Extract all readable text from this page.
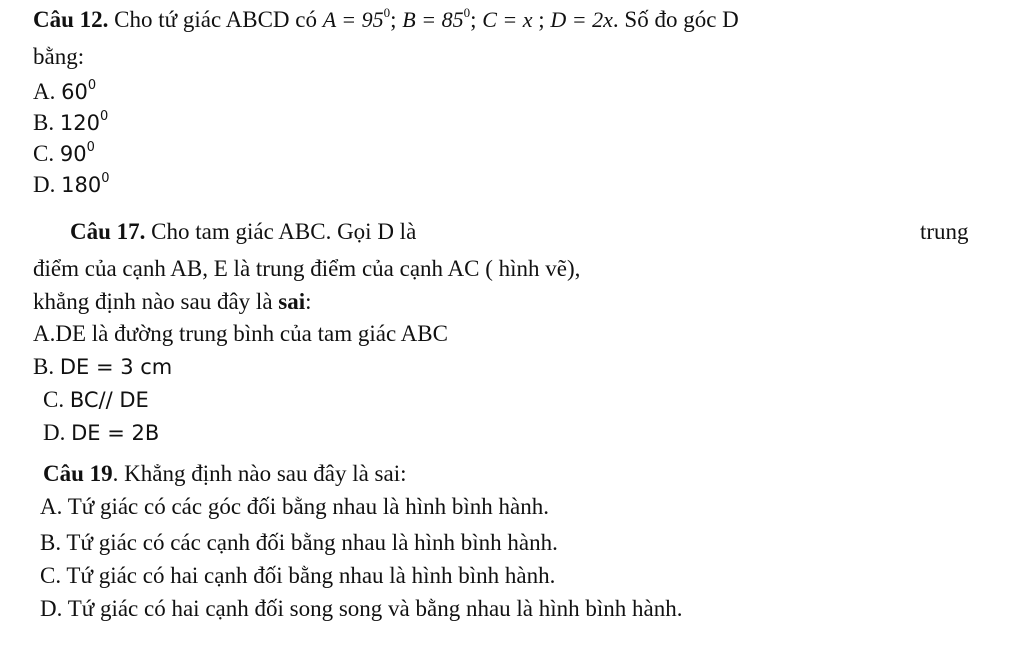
Câu 12. Cho tứ giác ABCD có $A = 95^0$; $B = 85^0$; C = x ; D = 2x. Số đo góc D
bằng:
A. $60^0$
B. $120^0$
C. $90^0$
D. $180^0$
Câu 17. Cho tam giác ABC. Gọi D là	trung
điểm của cạnh AB, E là trung điểm của cạnh AC ( hình vẽ),
khẳng định nào sau đây là sai:
A.DE là đường trung bình của tam giác ABC
B. DE = 3 cm
C. BC// DE
D. DE = 2B
Câu 19. Khẳng định nào sau đây là sai:
A. Tứ giác có các góc đối bằng nhau là hình bình hành.
B. Tứ giác có các cạnh đối bằng nhau là hình bình hành.
C. Tứ giác có hai cạnh đối bằng nhau là hình bình hành.
D. Tứ giác có hai cạnh đối song song và bằng nhau là hình bình hành.
